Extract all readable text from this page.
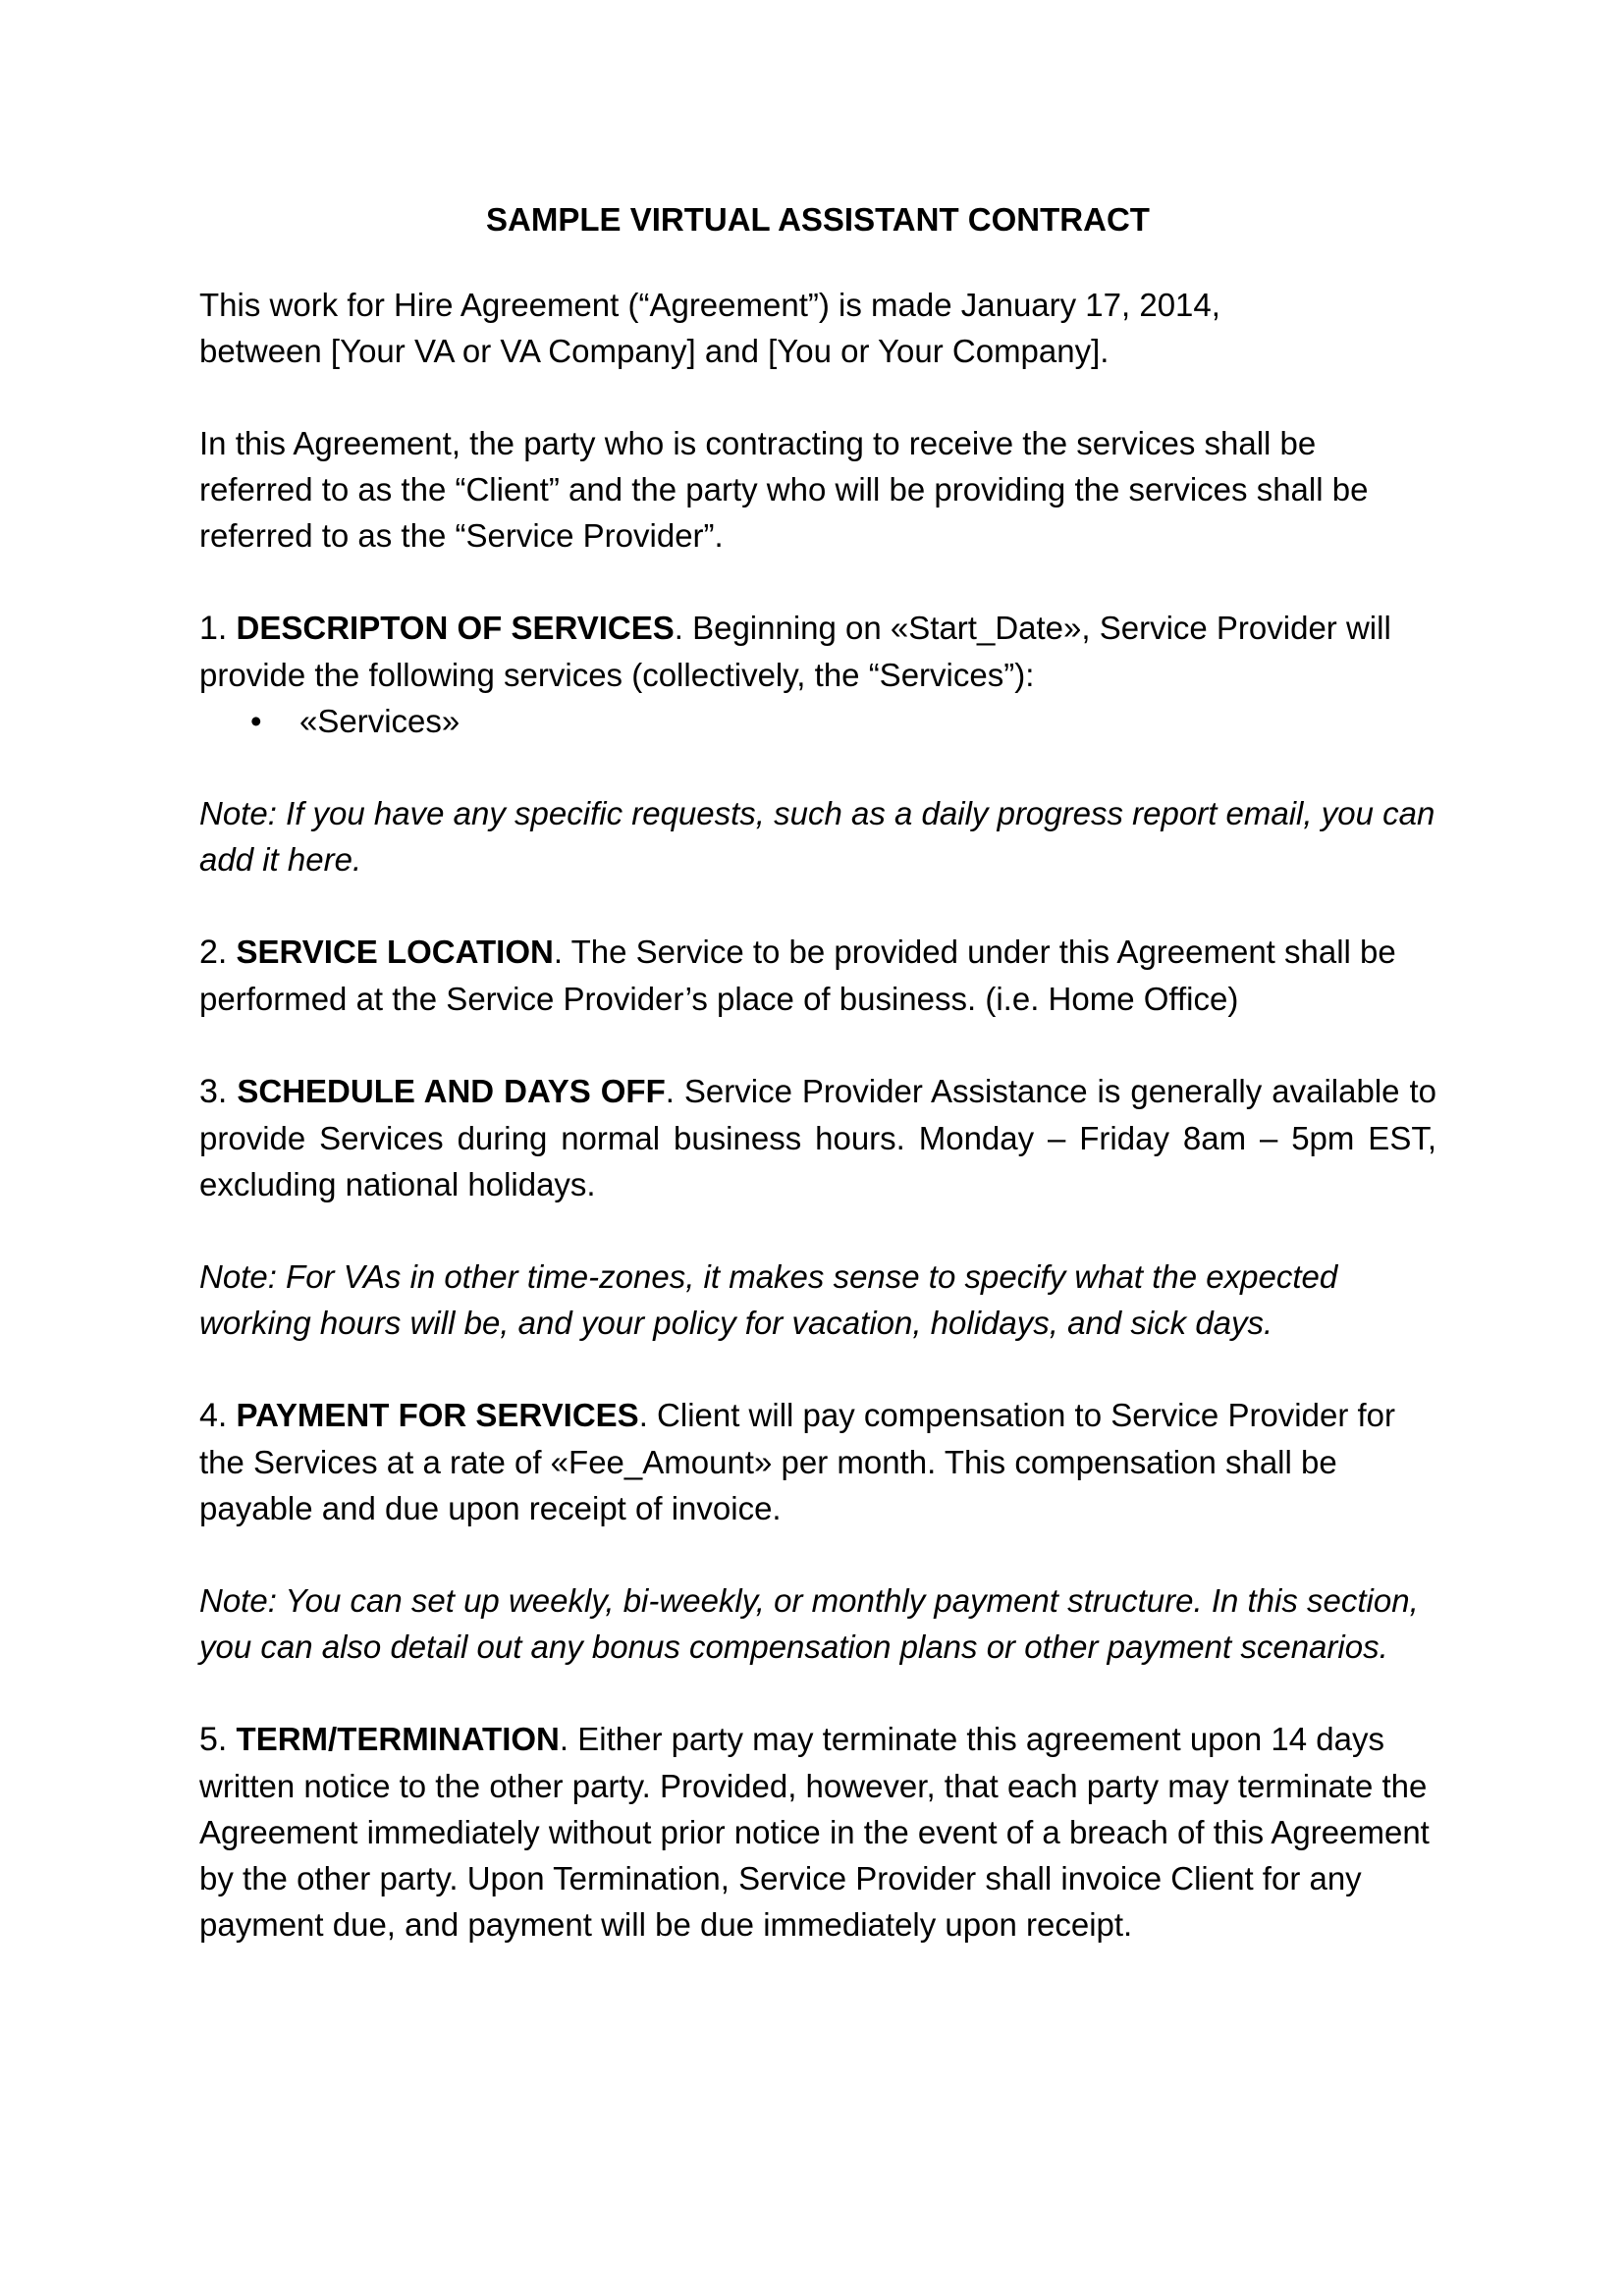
SAMPLE VIRTUAL ASSISTANT CONTRACT

This work for Hire Agreement (“Agreement”) is made January 17, 2014,

between [Your VA or VA Company] and [You or Your Company].

In this Agreement, the party who is contracting to receive the services shall be referred to as the “Client” and the party who will be providing the services shall be referred to as the “Service Provider”.

1. DESCRIPTON OF SERVICES. Beginning on «Start_Date», Service Provider will provide the following services (collectively, the “Services”):

• «Services»

Note: If you have any specific requests, such as a daily progress report email, you can add it here.

2. SERVICE LOCATION. The Service to be provided under this Agreement shall be performed at the Service Provider’s place of business. (i.e. Home Office)

3. SCHEDULE AND DAYS OFF. Service Provider Assistance is generally available to provide Services during normal business hours. Monday – Friday 8am – 5pm EST, excluding national holidays.

Note: For VAs in other time-zones, it makes sense to specify what the expected working hours will be, and your policy for vacation, holidays, and sick days.

4. PAYMENT FOR SERVICES. Client will pay compensation to Service Provider for the Services at a rate of «Fee_Amount» per month. This compensation shall be payable and due upon receipt of invoice.

Note: You can set up weekly, bi-weekly, or monthly payment structure. In this section, you can also detail out any bonus compensation plans or other payment scenarios.

5. TERM/TERMINATION. Either party may terminate this agreement upon 14 days written notice to the other party. Provided, however, that each party may terminate the Agreement immediately without prior notice in the event of a breach of this Agreement by the other party. Upon Termination, Service Provider shall invoice Client for any payment due, and payment will be due immediately upon receipt.
